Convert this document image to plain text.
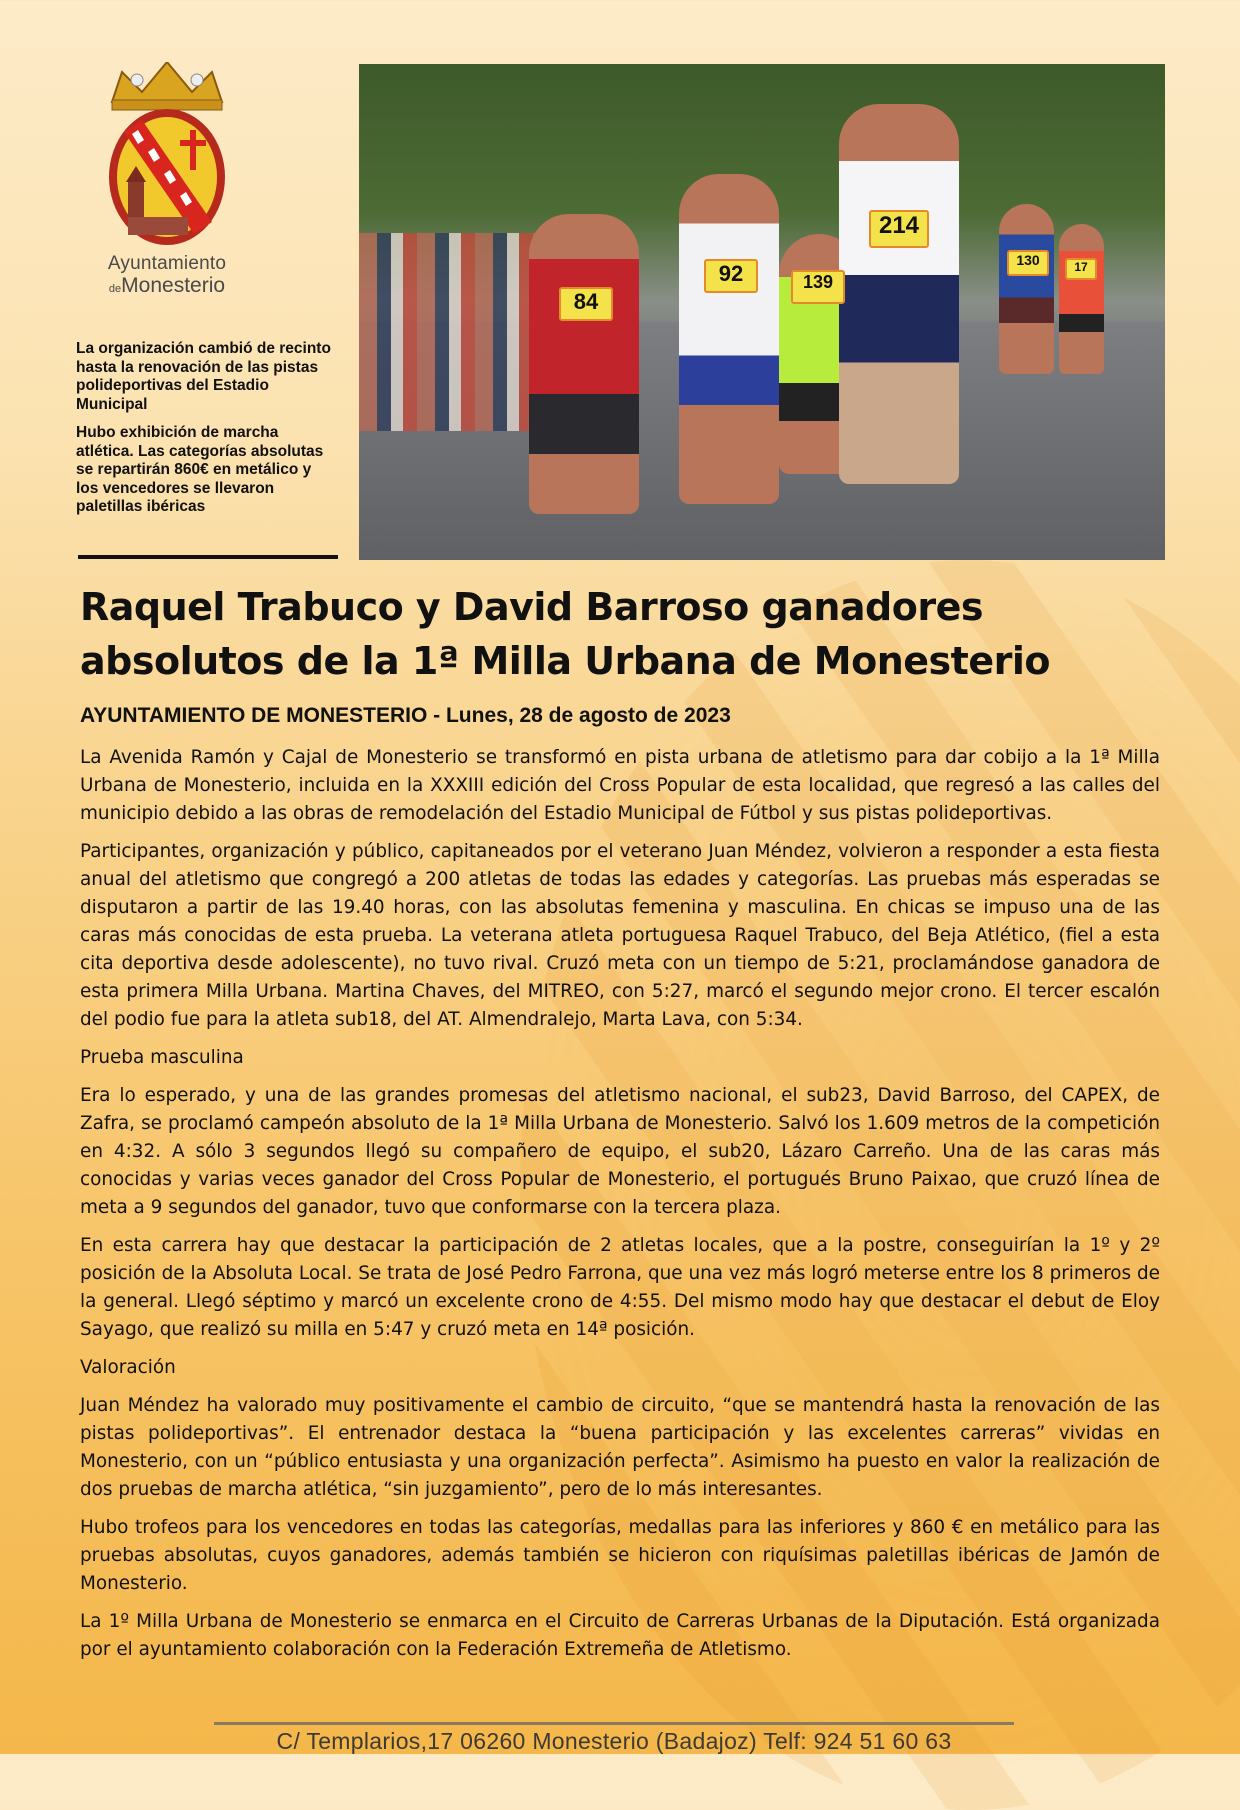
Ayuntamiento
deMonesterio

La organización cambió de recinto hasta la renovación de las pistas polideportivas del Estadio Municipal

Hubo exhibición de marcha atlética. Las categorías absolutas se repartirán 860€ en metálico y los vencedores se llevaron paletillas ibéricas

84
92	139
214
130	17
Raquel Trabuco y David Barroso ganadores absolutos de la 1ª Milla Urbana de Monesterio
AYUNTAMIENTO DE MONESTERIO - Lunes, 28 de agosto de 2023

La Avenida Ramón y Cajal de Monesterio se transformó en pista urbana de atletismo para dar cobijo a la 1ª Milla Urbana de Monesterio, incluida en la XXXIII edición del Cross Popular de esta localidad, que regresó a las calles del municipio debido a las obras de remodelación del Estadio Municipal de Fútbol y sus pistas polideportivas.

Participantes, organización y público, capitaneados por el veterano Juan Méndez, volvieron a responder a esta fiesta anual del atletismo que congregó a 200 atletas de todas las edades y categorías. Las pruebas más esperadas se disputaron a partir de las 19.40 horas, con las absolutas femenina y masculina. En chicas se impuso una de las caras más conocidas de esta prueba. La veterana atleta portuguesa Raquel Trabuco, del Beja Atlético, (fiel a esta cita deportiva desde adolescente), no tuvo rival. Cruzó meta con un tiempo de 5:21, proclamándose ganadora de esta primera Milla Urbana. Martina Chaves, del MITREO, con 5:27, marcó el segundo mejor crono. El tercer escalón del podio fue para la atleta sub18, del AT. Almendralejo, Marta Lava, con 5:34.

Prueba masculina

Era lo esperado, y una de las grandes promesas del atletismo nacional, el sub23, David Barroso, del CAPEX, de Zafra, se proclamó campeón absoluto de la 1ª Milla Urbana de Monesterio. Salvó los 1.609 metros de la competición en 4:32. A sólo 3 segundos llegó su compañero de equipo, el sub20, Lázaro Carreño. Una de las caras más conocidas y varias veces ganador del Cross Popular de Monesterio, el portugués Bruno Paixao, que cruzó línea de meta a 9 segundos del ganador, tuvo que conformarse con la tercera plaza.

En esta carrera hay que destacar la participación de 2 atletas locales, que a la postre, conseguirían la 1º y 2º posición de la Absoluta Local. Se trata de José Pedro Farrona, que una vez más logró meterse entre los 8 primeros de la general. Llegó séptimo y marcó un excelente crono de 4:55. Del mismo modo hay que destacar el debut de Eloy Sayago, que realizó su milla en 5:47 y cruzó meta en 14ª posición.

Valoración

Juan Méndez ha valorado muy positivamente el cambio de circuito, “que se mantendrá hasta la renovación de las pistas polideportivas”. El entrenador destaca la “buena participación y las excelentes carreras” vividas en Monesterio, con un “público entusiasta y una organización perfecta”. Asimismo ha puesto en valor la realización de dos pruebas de marcha atlética, “sin juzgamiento”, pero de lo más interesantes.

Hubo trofeos para los vencedores en todas las categorías, medallas para las inferiores y 860 € en metálico para las pruebas absolutas, cuyos ganadores, además también se hicieron con riquísimas paletillas ibéricas de Jamón de Monesterio.

La 1º Milla Urbana de Monesterio se enmarca en el Circuito de Carreras Urbanas de la Diputación. Está organizada por el ayuntamiento colaboración con la Federación Extremeña de Atletismo.

C/ Templarios,17 06260 Monesterio (Badajoz) Telf: 924 51 60 63
